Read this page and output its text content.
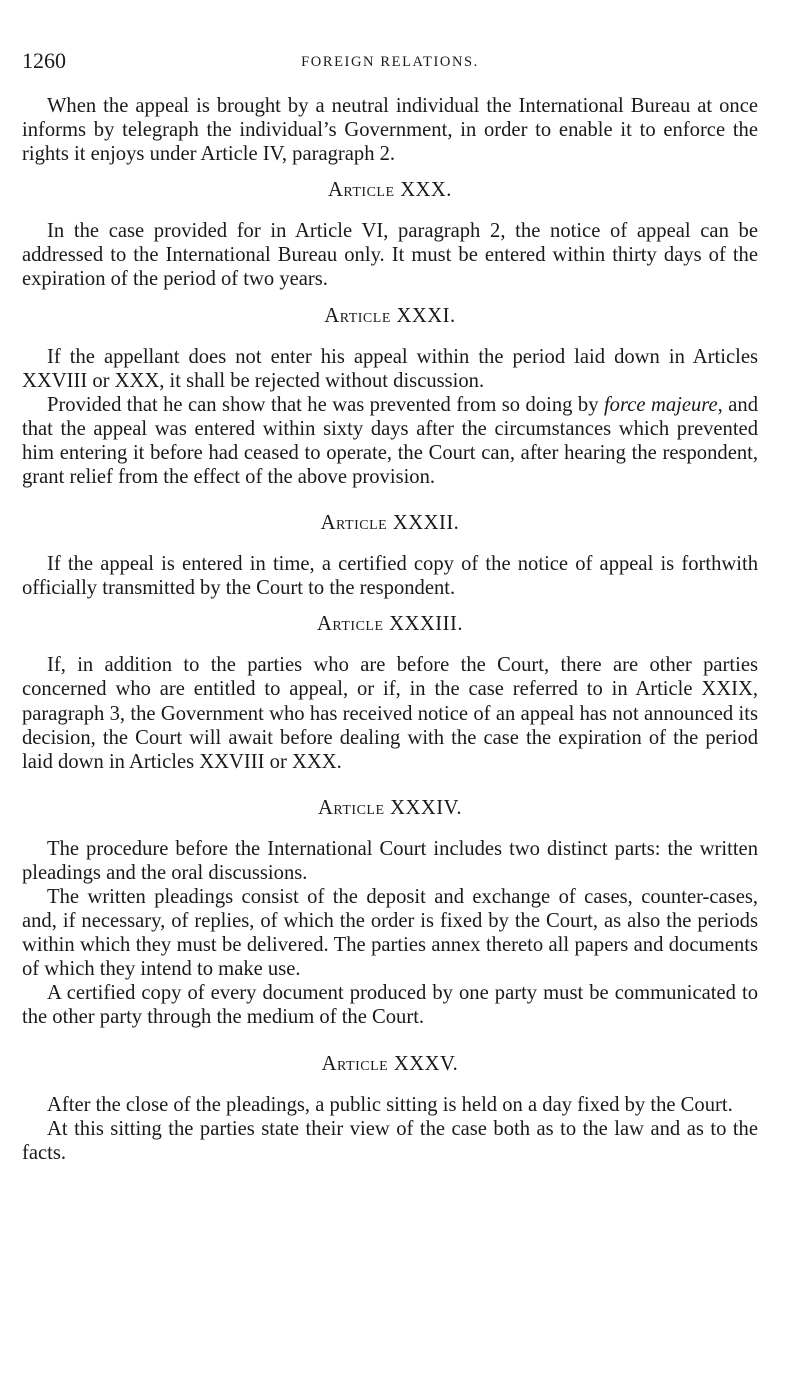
1260	FOREIGN RELATIONS.

When the appeal is brought by a neutral individual the International Bureau at once informs by telegraph the individual’s Government, in order to enable it to enforce the rights it enjoys under Article IV, paragraph 2.

Article XXX.

In the case provided for in Article VI, paragraph 2, the notice of appeal can be addressed to the International Bureau only. It must be entered within thirty days of the expiration of the period of two years.

Article XXXI.

If the appellant does not enter his appeal within the period laid down in Articles XXVIII or XXX, it shall be rejected without discussion.

Provided that he can show that he was prevented from so doing by force majeure, and that the appeal was entered within sixty days after the circumstances which prevented him entering it before had ceased to operate, the Court can, after hearing the respondent, grant relief from the effect of the above provision.

Article XXXII.

If the appeal is entered in time, a certified copy of the notice of appeal is forthwith officially transmitted by the Court to the respondent.

Article XXXIII.

If, in addition to the parties who are before the Court, there are other parties concerned who are entitled to appeal, or if, in the case referred to in Article XXIX, paragraph 3, the Government who has received notice of an appeal has not announced its decision, the Court will await before dealing with the case the expiration of the period laid down in Articles XXVIII or XXX.

Article XXXIV.

The procedure before the International Court includes two distinct parts: the written pleadings and the oral discussions.

The written pleadings consist of the deposit and exchange of cases, counter-cases, and, if necessary, of replies, of which the order is fixed by the Court, as also the periods within which they must be delivered. The parties annex thereto all papers and documents of which they intend to make use.

A certified copy of every document produced by one party must be communicated to the other party through the medium of the Court.

Article XXXV.

After the close of the pleadings, a public sitting is held on a day fixed by the Court.

At this sitting the parties state their view of the case both as to the law and as to the facts.
